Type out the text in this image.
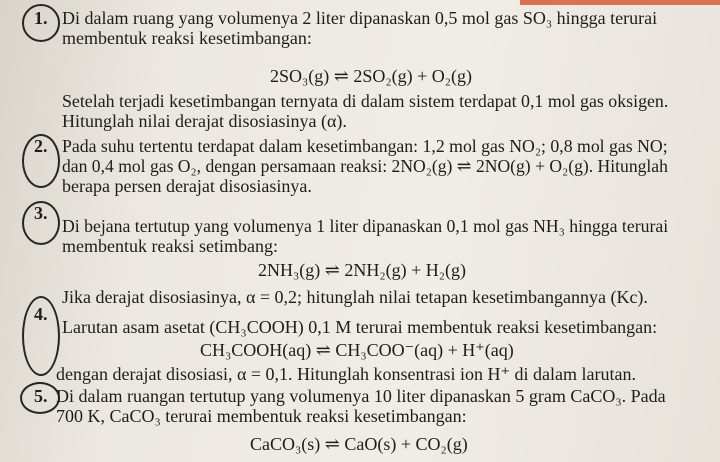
1. Di dalam ruang yang volumenya 2 liter dipanaskan 0,5 mol gas SO₃ hingga terurai
membentuk reaksi kesetimbangan:
2SO₃(g) ⇌ 2SO₂(g) + O₂(g)
Setelah terjadi kesetimbangan ternyata di dalam sistem terdapat 0,1 mol gas oksigen.
Hitunglah nilai derajat disosiasinya (α).
2. Pada suhu tertentu terdapat dalam kesetimbangan: 1,2 mol gas NO₂; 0,8 mol gas NO;
dan 0,4 mol gas O₂, dengan persamaan reaksi: 2NO₂(g) ⇌ 2NO(g) + O₂(g). Hitunglah
berapa persen derajat disosiasinya.
3.
Di bejana tertutup yang volumenya 1 liter dipanaskan 0,1 mol gas NH₃ hingga terurai
membentuk reaksi setimbang:
2NH₃(g) ⇌ 2NH₂(g) + H₂(g)
Jika derajat disosiasinya, α = 0,2; hitunglah nilai tetapan kesetimbangannya (Kc).
4.
Larutan asam asetat (CH₃COOH) 0,1 M terurai membentuk reaksi kesetimbangan:
CH₃COOH(aq) ⇌ CH₃COO⁻(aq) + H⁺(aq)
dengan derajat disosiasi, α = 0,1. Hitunglah konsentrasi ion H⁺ di dalam larutan.
5. Di dalam ruangan tertutup yang volumenya 10 liter dipanaskan 5 gram CaCO₃. Pada
700 K, CaCO₃ terurai membentuk reaksi kesetimbangan:
CaCO₃(s) ⇌ CaO(s) + CO₂(g)
